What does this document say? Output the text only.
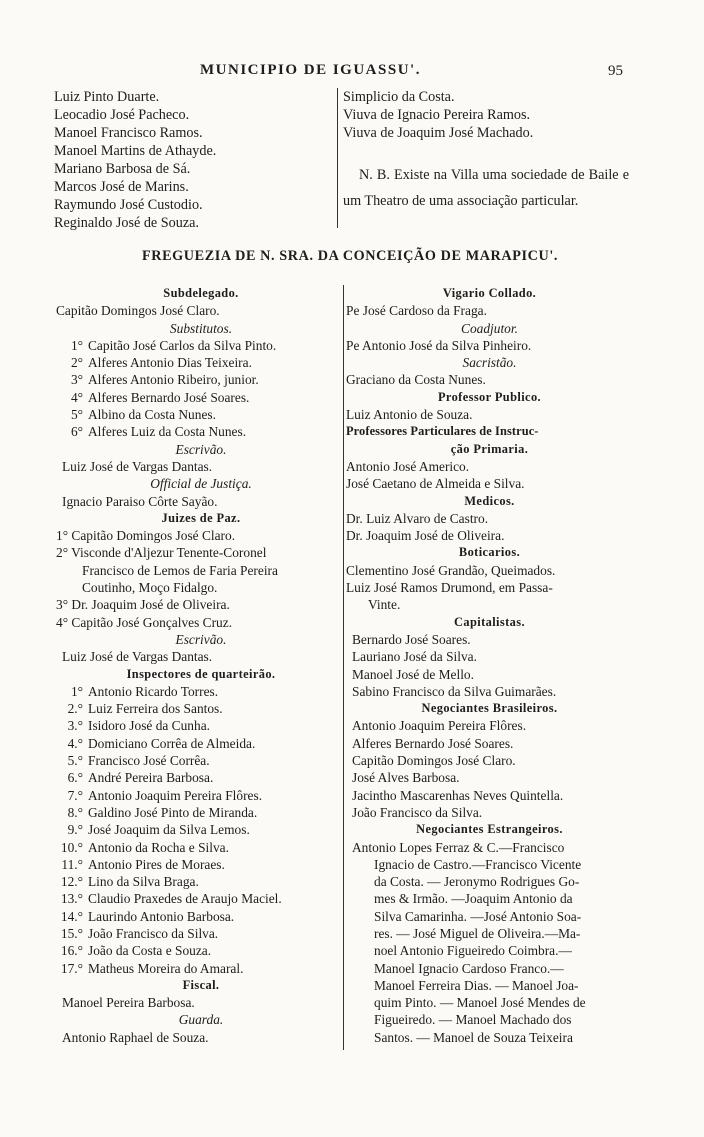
MUNICIPIO DE IGUASSU'.	95
Luiz Pinto Duarte.
Leocadio José Pacheco.
Manoel Francisco Ramos.
Manoel Martins de Athayde.
Mariano Barbosa de Sá.
Marcos José de Marins.
Raymundo José Custodio.
Reginaldo José de Souza.
Simplicio da Costa.
Viuva de Ignacio Pereira Ramos.
Viuva de Joaquim José Machado.
N. B. Existe na Villa uma sociedade de Baile e um Theatro de uma associação particular.
FREGUEZIA DE N. SRA. DA CONCEIÇÃO DE MARAPICU'.
Subdelegado.
Capitão Domingos José Claro.
Substitutos.
1° Capitão José Carlos da Silva Pinto.
2° Alferes Antonio Dias Teixeira.
3° Alferes Antonio Ribeiro, junior.
4° Alferes Bernardo José Soares.
5° Albino da Costa Nunes.
6° Alferes Luiz da Costa Nunes.
Escrivão.
Luiz José de Vargas Dantas.
Official de Justiça.
Ignacio Paraiso Côrte Sayão.
Juizes de Paz.
1° Capitão Domingos José Claro.
2° Visconde d'Aljezur Tenente-Coronel
Francisco de Lemos de Faria Pereira
Coutinho, Moço Fidalgo.
3° Dr. Joaquim José de Oliveira.
4° Capitão José Gonçalves Cruz.
Escrivão.
Luiz José de Vargas Dantas.
Inspectores de quarteirão.
1° Antonio Ricardo Torres.
2.° Luiz Ferreira dos Santos.
3.° Isidoro José da Cunha.
4.° Domiciano Corrêa de Almeida.
5.° Francisco José Corrêa.
6.° André Pereira Barbosa.
7.° Antonio Joaquim Pereira Flôres.
8.° Galdino José Pinto de Miranda.
9.° José Joaquim da Silva Lemos.
10.° Antonio da Rocha e Silva.
11.° Antonio Pires de Moraes.
12.° Lino da Silva Braga.
13.° Claudio Praxedes de Araujo Maciel.
14.° Laurindo Antonio Barbosa.
15.° João Francisco da Silva.
16.° João da Costa e Souza.
17.° Matheus Moreira do Amaral.
Fiscal.
Manoel Pereira Barbosa.
Guarda.
Antonio Raphael de Souza.
Vigario Collado.
Pe José Cardoso da Fraga.
Coadjutor.
Pe Antonio José da Silva Pinheiro.
Sacristão.
Graciano da Costa Nunes.
Professor Publico.
Luiz Antonio de Souza.
Professores Particulares de Instruc-
ção Primaria.
Antonio José Americo.
José Caetano de Almeida e Silva.
Medicos.
Dr. Luiz Alvaro de Castro.
Dr. Joaquim José de Oliveira.
Boticarios.
Clementino José Grandão, Queimados.
Luiz José Ramos Drumond, em Passa-
Vinte.
Capitalistas.
Bernardo José Soares.
Lauriano José da Silva.
Manoel José de Mello.
Sabino Francisco da Silva Guimarães.
Negociantes Brasileiros.
Antonio Joaquim Pereira Flôres.
Alferes Bernardo José Soares.
Capitão Domingos José Claro.
José Alves Barbosa.
Jacintho Mascarenhas Neves Quintella.
João Francisco da Silva.
Negociantes Estrangeiros.
Antonio Lopes Ferraz & C.—Francisco
Ignacio de Castro.—Francisco Vicente
da Costa. — Jeronymo Rodrigues Go-
mes & Irmão. —Joaquim Antonio da
Silva Camarinha. —José Antonio Soa-
res. — José Miguel de Oliveira.—Ma-
noel Antonio Figueiredo Coimbra.—
Manoel Ignacio Cardoso Franco.—
Manoel Ferreira Dias. — Manoel Joa-
quim Pinto. — Manoel José Mendes de
Figueiredo. — Manoel Machado dos
Santos. — Manoel de Souza Teixeira
